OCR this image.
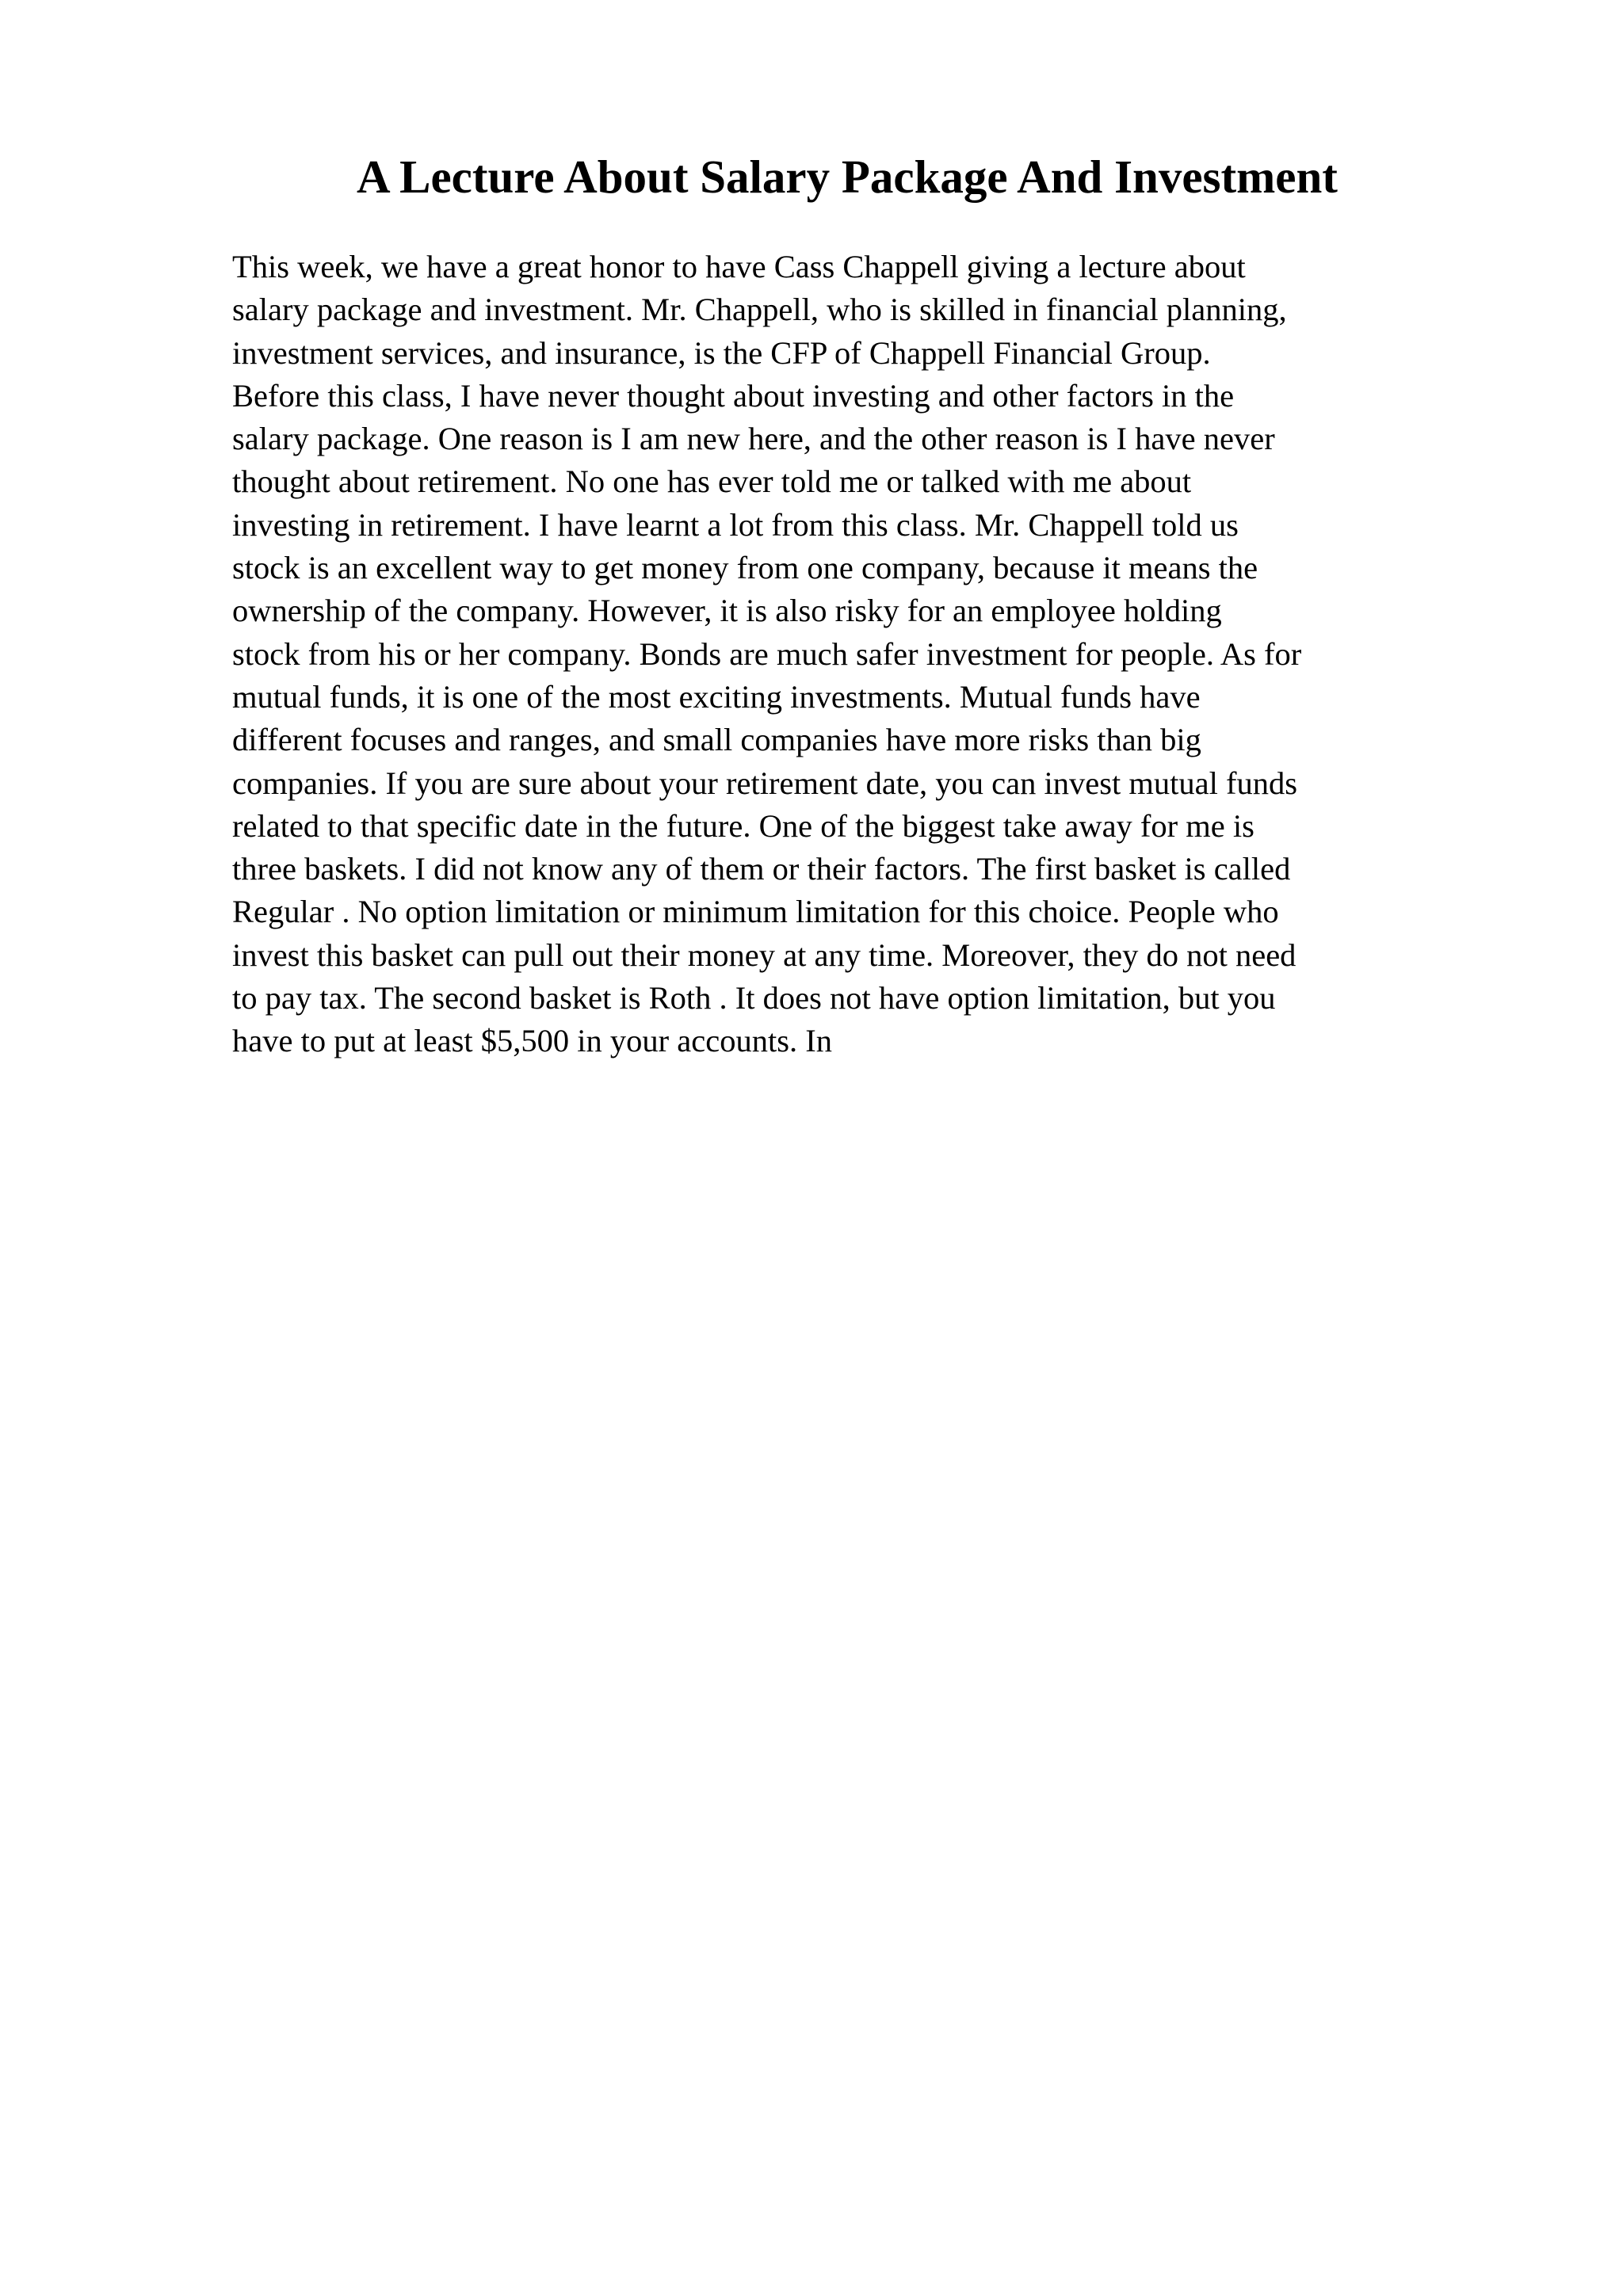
A Lecture About Salary Package And Investment

This week, we have a great honor to have Cass Chappell giving a lecture about
salary package and investment. Mr. Chappell, who is skilled in financial planning,
investment services, and insurance, is the CFP of Chappell Financial Group.
Before this class, I have never thought about investing and other factors in the
salary package. One reason is I am new here, and the other reason is I have never
thought about retirement. No one has ever told me or talked with me about
investing in retirement. I have learnt a lot from this class. Mr. Chappell told us
stock is an excellent way to get money from one company, because it means the
ownership of the company. However, it is also risky for an employee holding
stock from his or her company. Bonds are much safer investment for people. As for
mutual funds, it is one of the most exciting investments. Mutual funds have
different focuses and ranges, and small companies have more risks than big
companies. If you are sure about your retirement date, you can invest mutual funds
related to that specific date in the future. One of the biggest take away for me is
three baskets. I did not know any of them or their factors. The first basket is called
Regular . No option limitation or minimum limitation for this choice. People who
invest this basket can pull out their money at any time. Moreover, they do not need
to pay tax. The second basket is Roth . It does not have option limitation, but you
have to put at least $5,500 in your accounts. In
